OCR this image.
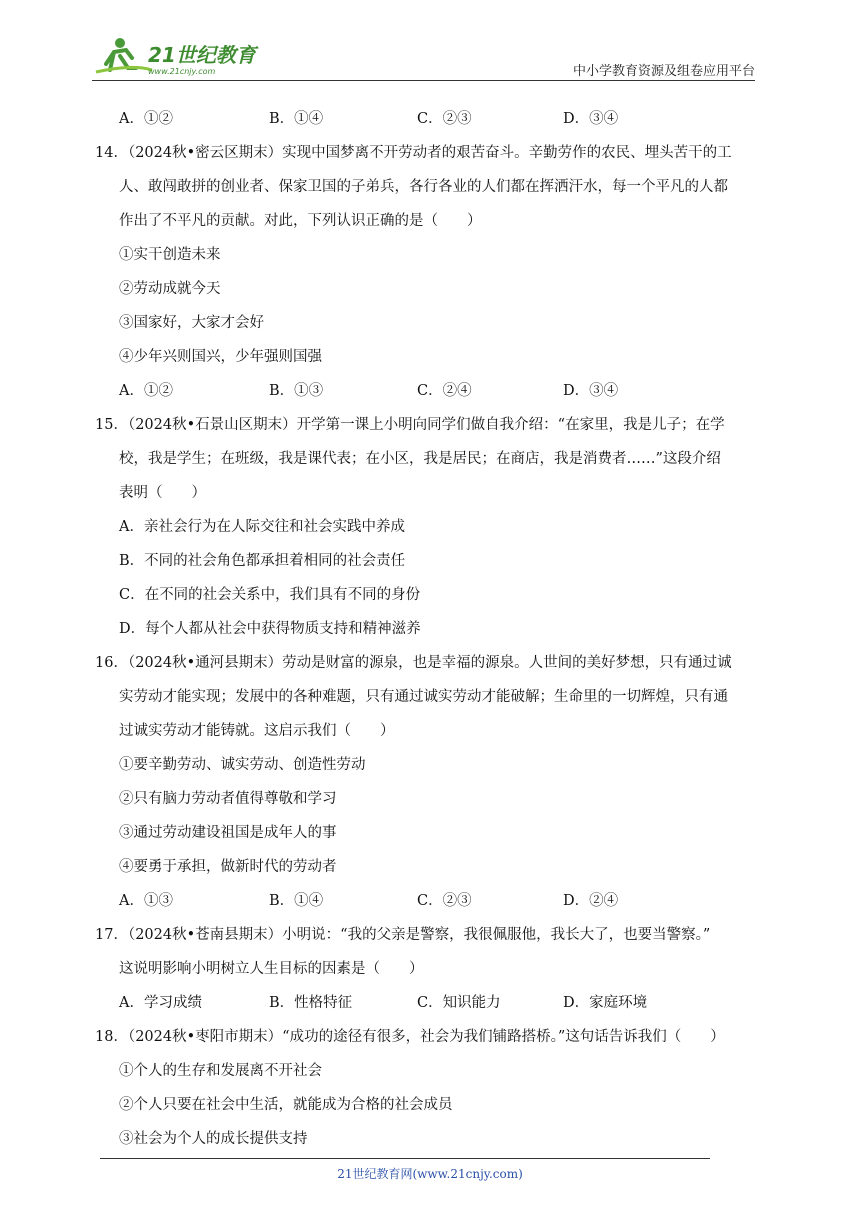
21世纪教育
www.21cnjy.com	中小学教育资源及组卷应用平台
A．①②	B．①④	C．②③	D．③④
14．（2024秋•密云区期末）实现中国梦离不开劳动者的艰苦奋斗。辛勤劳作的农民、埋头苦干的工
人、敢闯敢拼的创业者、保家卫国的子弟兵，各行各业的人们都在挥洒汗水，每一个平凡的人都
作出了不平凡的贡献。对此，下列认识正确的是（　　）
①实干创造未来
②劳动成就今天
③国家好，大家才会好
④少年兴则国兴，少年强则国强
A．①②	B．①③	C．②④	D．③④
15．（2024秋•石景山区期末）开学第一课上小明向同学们做自我介绍：“在家里，我是儿子；在学
校，我是学生；在班级，我是课代表；在小区，我是居民；在商店，我是消费者……”这段介绍
表明（　　）
A．亲社会行为在人际交往和社会实践中养成
B．不同的社会角色都承担着相同的社会责任
C．在不同的社会关系中，我们具有不同的身份
D．每个人都从社会中获得物质支持和精神滋养
16．（2024秋•通河县期末）劳动是财富的源泉，也是幸福的源泉。人世间的美好梦想，只有通过诚
实劳动才能实现；发展中的各种难题，只有通过诚实劳动才能破解；生命里的一切辉煌，只有通
过诚实劳动才能铸就。这启示我们（　　）
①要辛勤劳动、诚实劳动、创造性劳动
②只有脑力劳动者值得尊敬和学习
③通过劳动建设祖国是成年人的事
④要勇于承担，做新时代的劳动者
A．①③	B．①④	C．②③	D．②④
17．（2024秋•苍南县期末）小明说：“我的父亲是警察，我很佩服他，我长大了，也要当警察。”
这说明影响小明树立人生目标的因素是（　　）
A．学习成绩	B．性格特征	C．知识能力	D．家庭环境
18．（2024秋•枣阳市期末）“成功的途径有很多，社会为我们铺路搭桥。”这句话告诉我们（　　）
①个人的生存和发展离不开社会
②个人只要在社会中生活，就能成为合格的社会成员
③社会为个人的成长提供支持
21世纪教育网(www.21cnjy.com)
